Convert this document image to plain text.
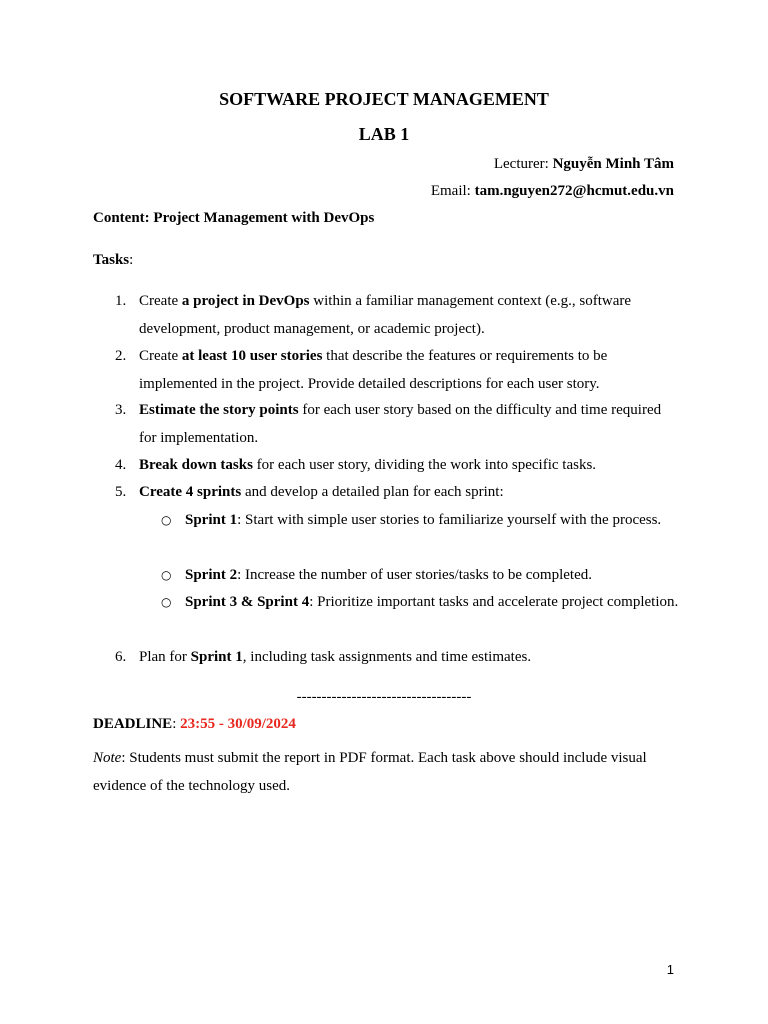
SOFTWARE PROJECT MANAGEMENT
LAB 1
Lecturer: Nguyễn Minh Tâm
Email: tam.nguyen272@hcmut.edu.vn
Content: Project Management with DevOps
Tasks:
1. Create a project in DevOps within a familiar management context (e.g., software development, product management, or academic project).
2. Create at least 10 user stories that describe the features or requirements to be implemented in the project. Provide detailed descriptions for each user story.
3. Estimate the story points for each user story based on the difficulty and time required for implementation.
4. Break down tasks for each user story, dividing the work into specific tasks.
5. Create 4 sprints and develop a detailed plan for each sprint:
○ Sprint 1: Start with simple user stories to familiarize yourself with the process.
○ Sprint 2: Increase the number of user stories/tasks to be completed.
○ Sprint 3 & Sprint 4: Prioritize important tasks and accelerate project completion.
6. Plan for Sprint 1, including task assignments and time estimates.
-----------------------------------
DEADLINE: 23:55 - 30/09/2024
Note: Students must submit the report in PDF format. Each task above should include visual evidence of the technology used.
1
